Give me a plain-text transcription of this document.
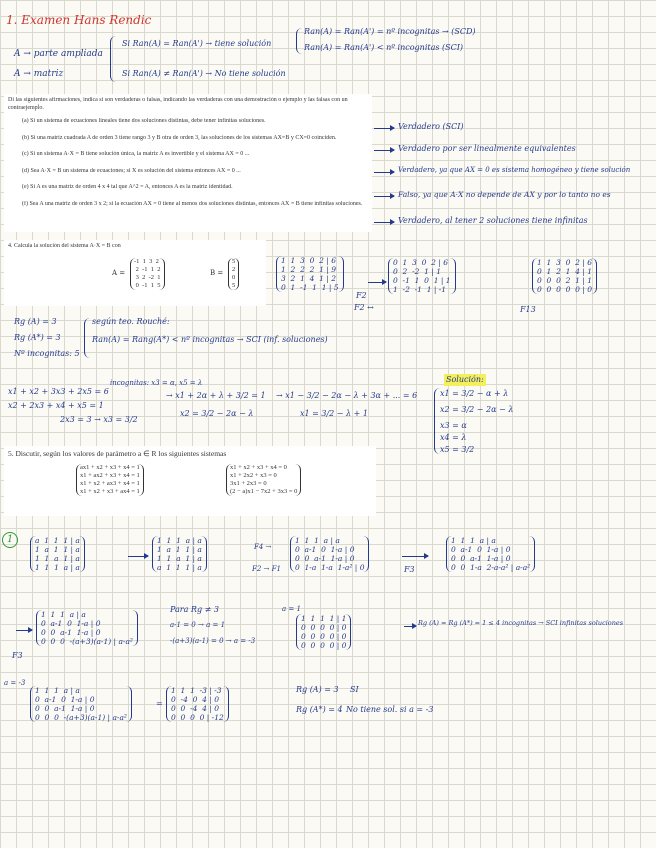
1. Examen Hans Rendic
A → parte ampliada
A → matriz
Si Ran(A) = Ran(A') → tiene solución
Si Ran(A) ≠ Ran(A') → No tiene solución
Ran(A) = Ran(A') = nº incognitas → (SCD)
Ran(A) = Ran(A') < nº incognitas (SCI)

Di las siguientes afirmaciones, indica si son verdaderas o falsas, indicando las verdaderas con una demostración o ejemplo y las falsas con un contraejemplo.

(a) Si un sistema de ecuaciones lineales tiene dos soluciones distintas, debe tener infinitas soluciones.

(b) Si una matriz cuadrada A de orden 3 tiene rango 3 y B otra de orden 3, las soluciones de los sistemas AX=B y CX=0 coinciden.

(c) Si un sistema A·X = B tiene solución única, la matriz A es invertible y el sistema AX = 0 ...

(d) Sea A·X = B un sistema de ecuaciones; si X es solución del sistema entonces AX = 0 ...

(e) Si A es una matriz de orden 4 x 4 tal que A^2 = A, entonces A es la matriz identidad.

(f) Sea A una matriz de orden 3 x 2; si la ecuación AX = 0 tiene al menos dos soluciones distintas, entonces AX = B tiene infinitas soluciones.

Verdadero (SCI)
Verdadero por ser linealmente equivalentes
Verdadero, ya que AX = 0 es sistema homogéneo y tiene solución
Falso, ya que A·X no depende de AX y por lo tanto no es
Verdadero, al tener 2 soluciones tiene infinitas

4. Calcula la solución del sistema A·X = B con

A =
-1  1  3  2
2  -1  1  2
3  2  -2  1
0  -1  1  5
B =
5
2
0
5
1  1  3  0  2 | 6
1  2  2  2  1 | 9
3  2  1  4  1 | 2
0  1  -1  1  1 | 5
F2
F2 ↔
0  1  3  0  2 | 6
0  2  -2  1 | 1
0  -1  1  0  1 | 1
1  -2  -1  1 | -1
F13
1  1  3  0  2 | 6
0  1  2  1  4 | 1
0  0  0  2  1 | 1
0  0  0  0  0 | 0
Rg (A) = 3
Rg (A*) = 3
Nº incognitas: 5
según teo. Rouché:
Ran(A) = Rang(A*) < nº incognitas → SCI (inf. soluciones)
x1 + x2 + 3x3 + 2x5 = 6
x2 + 2x3 + x4 + x5 = 1
2x3 = 3 → x3 = 3/2
incognitas: x3 = α, x5 = λ
→ x1 + 2α + λ + 3/2 = 1
x2 = 3/2 − 2α − λ
→ x1 − 3/2 − 2α − λ + 3α + ... = 6
x1 = 3/2 − λ + 1
Solución:
x1 = 3/2 − α + λ
x2 = 3/2 − 2α − λ
x3 = α
x4 = λ
x5 = 3/2

5. Discutir, según los valores de parámetro a ∈ R los siguientes sistemas

ax1 + x2 + x3 + x4 = 1
x1 + ax2 + x3 + x4 = 1
x1 + x2 + ax3 + x4 = 1
x1 + x2 + x3 + ax4 = 1
x1 + x2 + x3 + x4 = 0
x1 + 2x2 + x3 = 0
3x1 + 2x3 = 0
(2 − a)x1 − 7x2 + 3x3 = 0
1	a  1  1  1 | a
1  a  1  1 | a
1  1  a  1 | a
1  1  1  a | a
1  1  1  a | a
1  a  1  1 | a
1  1  a  1 | a
a  1  1  1 | a
F4 →
F2 → F1
1  1  1  a | a
0  a-1  0  1-a | 0
0  0  a-1  1-a | 0
0  1-a  1-a  1-a² | 0	F3
1  1  1  a | a
0  a-1  0  1-a | 0
0  0  a-1  1-a | 0
0  0  1-a  2-a-a² | a-a²
F3
1  1  1  a | a
0  a-1  0  1-a | 0
0  0  a-1  1-a | 0
0  0  0  -(a+3)(a-1) | a-a²
Para Rg ≠ 3
a-1 = 0 → a = 1
-(a+3)(a-1) = 0 → a = -3
a = 1
1  1  1  1 | 1
0  0  0  0 | 0
0  0  0  0 | 0
0  0  0  0 | 0
Rg (A) = Rg (A*) = 1 ≤ 4 incognitas → SCI infinitas soluciones
a = -3
1  1  1  a | a
0  a-1  0  1-a | 0
0  0  a-1  1-a | 0
0  0  0  -(a+3)(a-1) | a-a²
=
1  1  1  -3 | -3
0  -4  0  4 | 0
0  0  -4  4 | 0
0  0  0  0 | -12
Rg (A) = 3
Rg (A*) = 4
SI
No tiene sol. si a = -3
